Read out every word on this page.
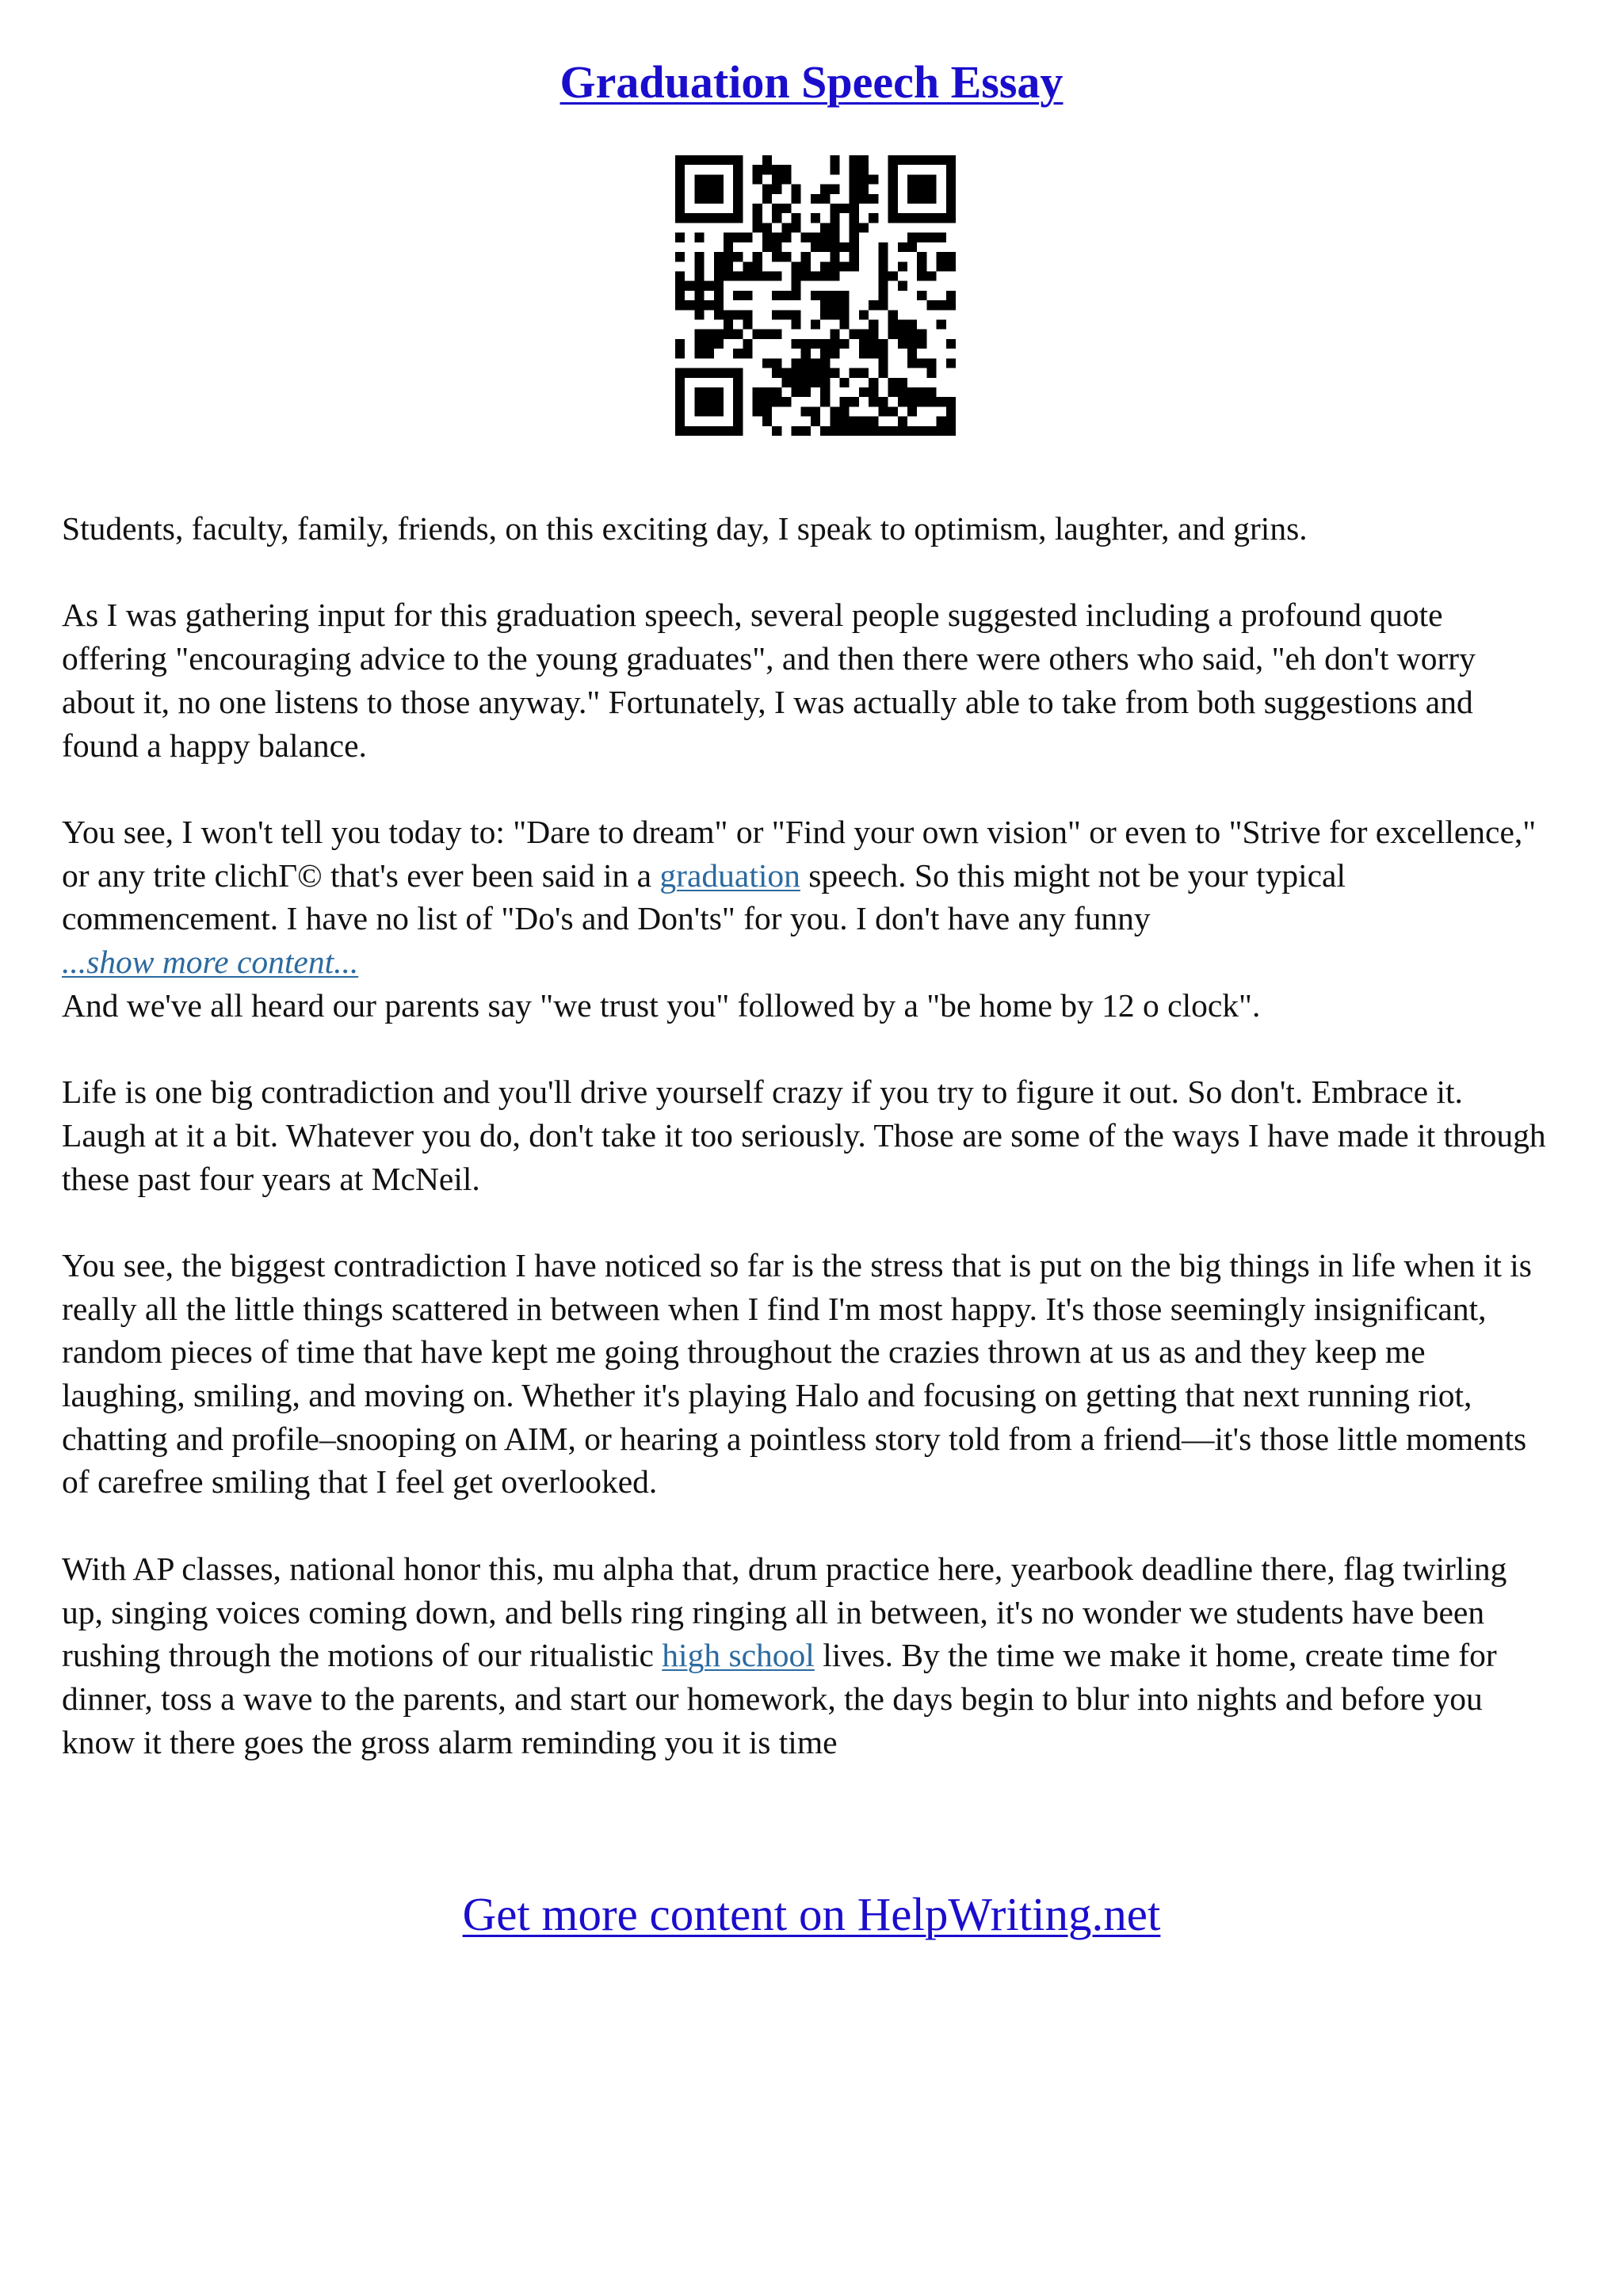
Graduation Speech Essay

Students, faculty, family, friends, on this exciting day, I speak to optimism, laughter, and grins.

As I was gathering input for this graduation speech, several people suggested including a profound quote offering "encouraging advice to the young graduates", and then there were others who said, "eh don't worry about it, no one listens to those anyway." Fortunately, I was actually able to take from both suggestions and found a happy balance.

You see, I won't tell you today to: "Dare to dream" or "Find your own vision" or even to "Strive for excellence," or any trite clichГ© that's ever been said in a graduation speech. So this might not be your typical commencement. I have no list of "Do's and Don'ts" for you. I don't have any funny

...show more content...

And we've all heard our parents say "we trust you" followed by a "be home by 12 o clock".

Life is one big contradiction and you'll drive yourself crazy if you try to figure it out. So don't. Embrace it. Laugh at it a bit. Whatever you do, don't take it too seriously. Those are some of the ways I have made it through these past four years at McNeil.

You see, the biggest contradiction I have noticed so far is the stress that is put on the big things in life when it is really all the little things scattered in between when I find I'm most happy. It's those seemingly insignificant, random pieces of time that have kept me going throughout the crazies thrown at us as and they keep me laughing, smiling, and moving on. Whether it's playing Halo and focusing on getting that next running riot, chatting and profile–snooping on AIM, or hearing a pointless story told from a friend—it's those little moments of carefree smiling that I feel get overlooked.

With AP classes, national honor this, mu alpha that, drum practice here, yearbook deadline there, flag twirling up, singing voices coming down, and bells ring ringing all in between, it's no wonder we students have been rushing through the motions of our ritualistic high school lives. By the time we make it home, create time for dinner, toss a wave to the parents, and start our homework, the days begin to blur into nights and before you know it there goes the gross alarm reminding you it is time

Get more content on HelpWriting.net
